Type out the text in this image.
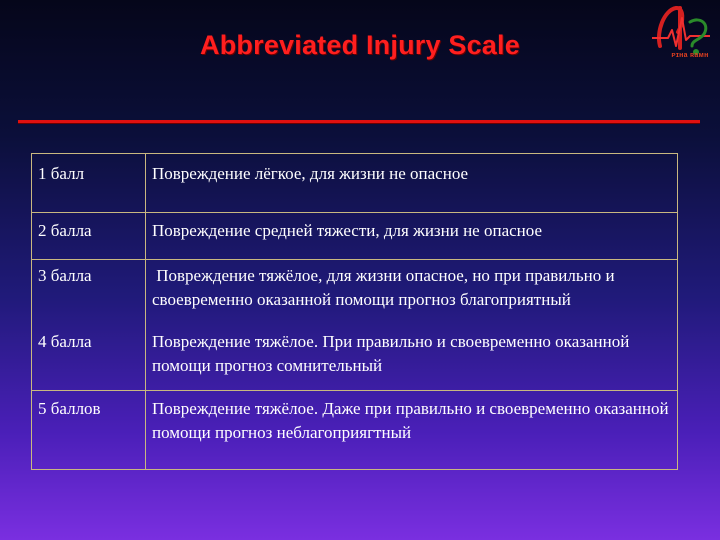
Abbreviated Injury Scale	ᴘɪʜа ʀамн
1 балл	Повреждение лёгкое, для жизни не опасное
2 балла	Повреждение средней тяжести, для жизни не опасное
3 балла	Повреждение тяжёлое, для жизни опасное, но при правильно и своевременно оказанной помощи прогноз благоприятный
4 балла	Повреждение тяжёлое. При правильно и своевременно оказанной помощи прогноз сомнительный
5 баллов	Повреждение тяжёлое. Даже при правильно и своевременно оказанной помощи прогноз неблагоприягтный
